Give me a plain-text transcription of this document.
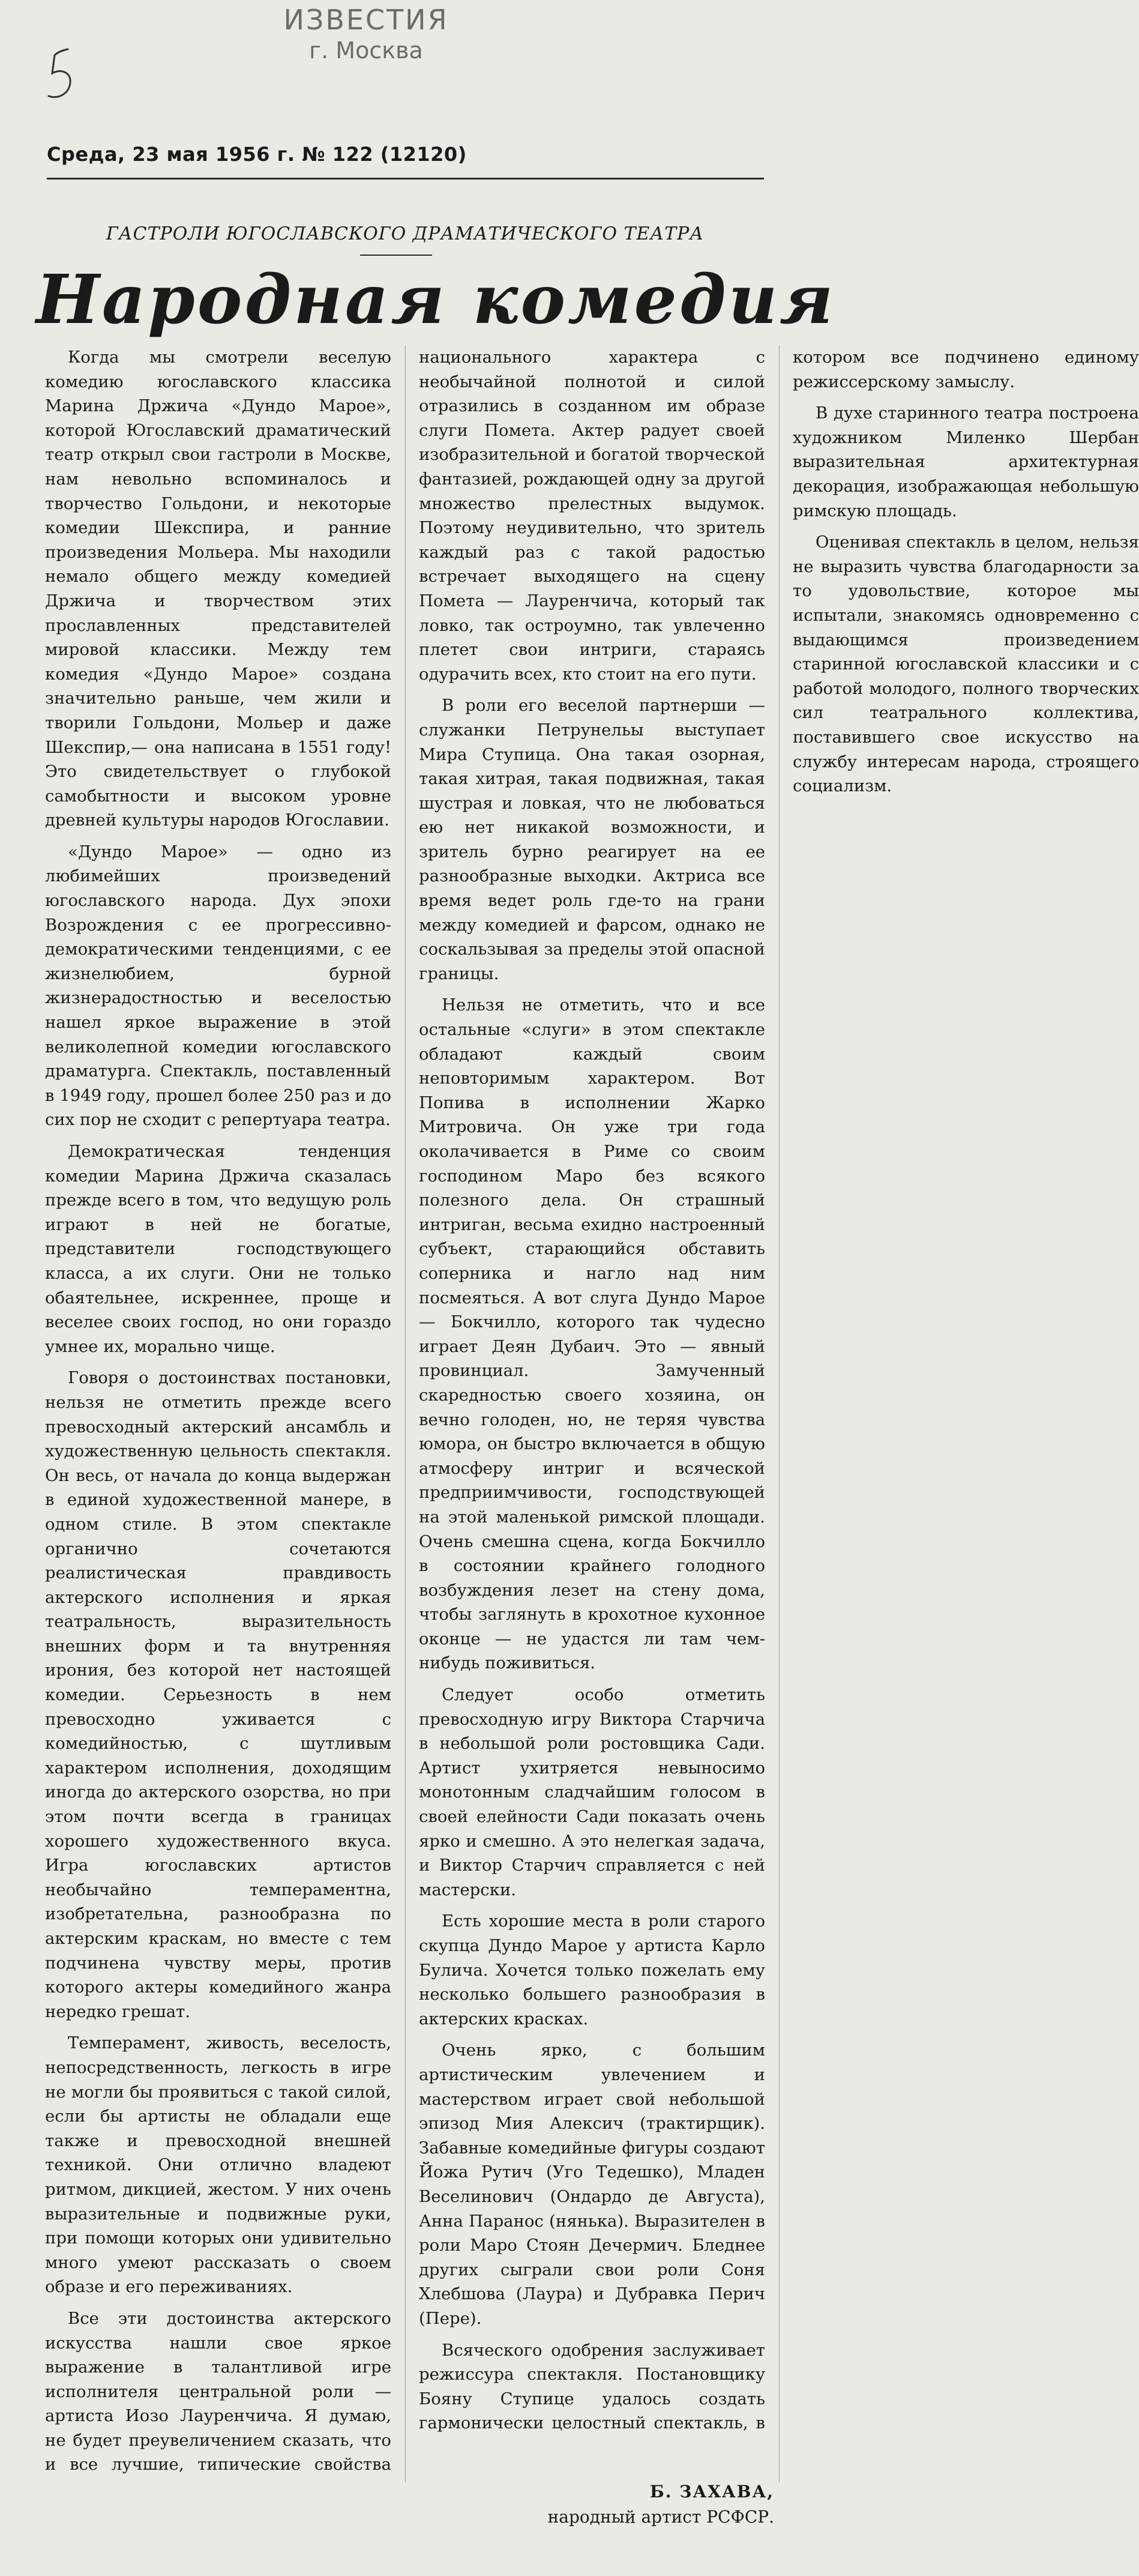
ИЗВЕСТИЯ
г. Москва
Среда, 23 мая 1956 г. № 122 (12120)
ГАСТРОЛИ ЮГОСЛАВСКОГО ДРАМАТИЧЕСКОГО ТЕАТРА
Народная комедия

Когда мы смотрели веселую комедию югославского классика Марина Држича «Дундо Марое», которой Югославский драматический театр открыл свои гастроли в Москве, нам невольно вспоминалось и творчество Гольдони, и некоторые комедии Шекспира, и ранние произведения Мольера. Мы находили немало общего между комедией Држича и творчеством этих прославленных представителей мировой классики. Между тем комедия «Дундо Марое» создана значительно раньше, чем жили и творили Гольдони, Мольер и даже Шекспир,— она написана в 1551 году! Это свидетельствует о глубокой самобытности и высоком уровне древней культуры народов Югославии.

«Дундо Марое» — одно из любимейших произведений югославского народа. Дух эпохи Возрождения с ее прогрессивно-демократическими тенденциями, с ее жизнелюбием, бурной жизнерадостностью и веселостью нашел яркое выражение в этой великолепной комедии югославского драматурга. Спектакль, поставленный в 1949 году, прошел более 250 раз и до сих пор не сходит с репертуара театра.

Демократическая тенденция комедии Марина Држича сказалась прежде всего в том, что ведущую роль играют в ней не богатые, представители господствующего класса, а их слуги. Они не только обаятельнее, искреннее, проще и веселее своих господ, но они гораздо умнее их, морально чище.

Говоря о достоинствах постановки, нельзя не отметить прежде всего превосходный актерский ансамбль и художественную цельность спектакля. Он весь, от начала до конца выдержан в единой художественной манере, в одном стиле. В этом спектакле органично сочетаются реалистическая правдивость актерского исполнения и яркая театральность, выразительность внешних форм и та внутренняя ирония, без которой нет настоящей комедии. Серьезность в нем превосходно уживается с комедийностью, с шутливым характером исполнения, доходящим иногда до актерского озорства, но при этом почти всегда в границах хорошего художественного вкуса. Игра югославских артистов необычайно темпераментна, изобретательна, разнообразна по актерским краскам, но вместе с тем подчинена чувству меры, против которого актеры комедийного жанра нередко грешат.

Темперамент, живость, веселость, непосредственность, легкость в игре не могли бы проявиться с такой силой, если бы артисты не обладали еще также и превосходной внешней техникой. Они отлично владеют ритмом, дикцией, жестом. У них очень выразительные и подвижные руки, при помощи которых они удивительно много умеют рассказать о своем образе и его переживаниях.

Все эти достоинства актерского искусства нашли свое яркое выражение в талантливой игре исполнителя центральной роли — артиста Иозо Лауренчича. Я думаю, не будет преувеличением сказать, что и все лучшие, типические свойства национального характера с необычайной полнотой и силой отразились в созданном им образе слуги Помета. Актер радует своей изобразительной и богатой творческой фантазией, рождающей одну за другой множество прелестных выдумок. Поэтому неудивительно, что зритель каждый раз с такой радостью встречает выходящего на сцену Помета — Лауренчича, который так ловко, так остроумно, так увлеченно плетет свои интриги, стараясь одурачить всех, кто стоит на его пути.

В роли его веселой партнерши — служанки Петрунельы выступает Мира Ступица. Она такая озорная, такая хитрая, такая подвижная, такая шустрая и ловкая, что не любоваться ею нет никакой возможности, и зритель бурно реагирует на ее разнообразные выходки. Актриса все время ведет роль где-то на грани между комедией и фарсом, однако не соскальзывая за пределы этой опасной границы.

Нельзя не отметить, что и все остальные «слуги» в этом спектакле обладают каждый своим неповторимым характером. Вот Попива в исполнении Жарко Митровича. Он уже три года околачивается в Риме со своим господином Маро без всякого полезного дела. Он страшный интриган, весьма ехидно настроенный субъект, старающийся обставить соперника и нагло над ним посмеяться. А вот слуга Дундо Марое — Бокчилло, которого так чудесно играет Деян Дубаич. Это — явный провинциал. Замученный скаредностью своего хозяина, он вечно голоден, но, не теряя чувства юмора, он быстро включается в общую атмосферу интриг и всяческой предприимчивости, господствующей на этой маленькой римской площади. Очень смешна сцена, когда Бокчилло в состоянии крайнего голодного возбуждения лезет на стену дома, чтобы заглянуть в крохотное кухонное оконце — не удастся ли там чем-нибудь поживиться.

Следует особо отметить превосходную игру Виктора Старчича в небольшой роли ростовщика Сади. Артист ухитряется невыносимо монотонным сладчайшим голосом в своей елейности Сади показать очень ярко и смешно. А это нелегкая задача, и Виктор Старчич справляется с ней мастерски.

Есть хорошие места в роли старого скупца Дундо Марое у артиста Карло Булича. Хочется только пожелать ему несколько большего разнообразия в актерских красках.

Очень ярко, с большим артистическим увлечением и мастерством играет свой небольшой эпизод Мия Алексич (трактирщик). Забавные комедийные фигуры создают Йожа Рутич (Уго Тедешко), Младен Веселинович (Ондардо де Августа), Анна Паранос (нянька). Выразителен в роли Маро Стоян Дечермич. Бледнее других сыграли свои роли Соня Хлебшова (Лаура) и Дубравка Перич (Пере).

Всяческого одобрения заслуживает режиссура спектакля. Постановщику Бояну Ступице удалось создать гармонически целостный спектакль, в котором все подчинено единому режиссерскому замыслу.

В духе старинного театра построена художником Миленко Шербан выразительная архитектурная декорация, изображающая небольшую римскую площадь.

Оценивая спектакль в целом, нельзя не выразить чувства благодарности за то удовольствие, которое мы испытали, знакомясь одновременно с выдающимся произведением старинной югославской классики и с работой молодого, полного творческих сил театрального коллектива, поставившего свое искусство на службу интересам народа, строящего социализм.

Б. ЗАХАВА,
народный артист РСФСР.
